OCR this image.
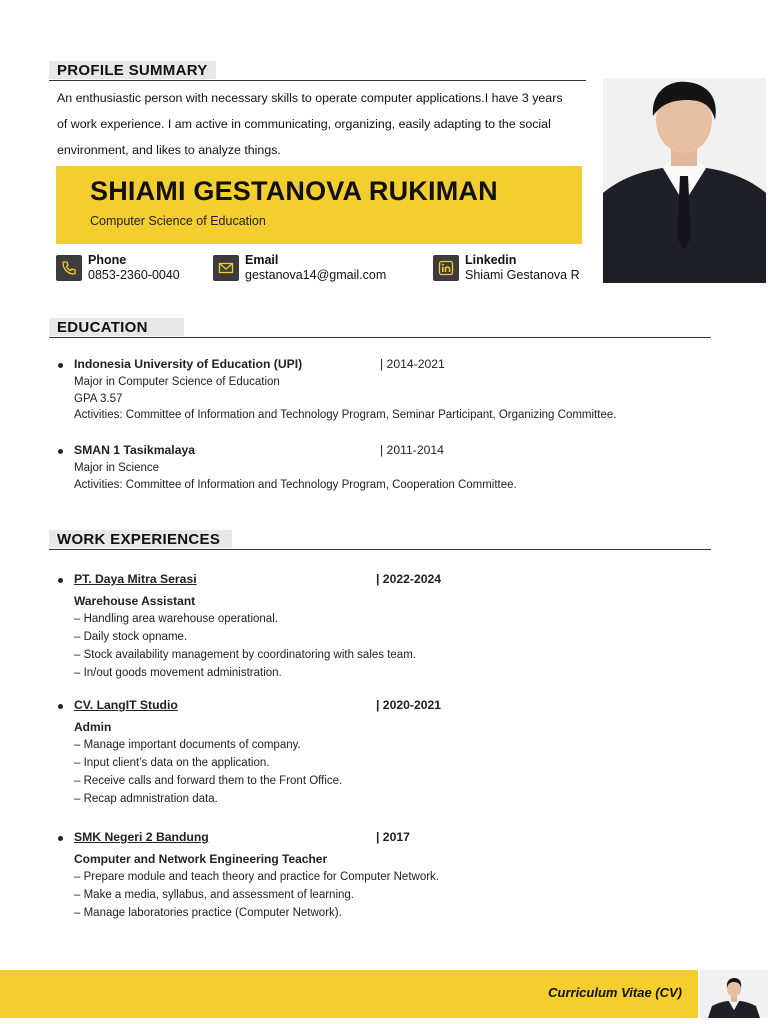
PROFILE SUMMARY
An enthusiastic person with necessary skills to operate computer applications.I have 3 years
of work experience. I am active in communicating, organizing, easily adapting to the social
environment, and likes to analyze things.
SHIAMI GESTANOVA RUKIMAN
Computer Science of Education
Phone
0853-2360-0040
Email
gestanova14@gmail.com
Linkedin
Shiami Gestanova R
EDUCATION
Indonesia University of Education (UPI)	| 2014-2021
Major in Computer Science of Education
GPA 3.57
Activities: Committee of Information and Technology Program, Seminar Participant, Organizing Committee.
SMAN 1 Tasikmalaya	| 2011-2014
Major in Science
Activities: Committee of Information and Technology Program, Cooperation Committee.
WORK EXPERIENCES
PT. Daya Mitra Serasi	| 2022-2024
Warehouse Assistant
– Handling area warehouse operational.
– Daily stock opname.
– Stock availability management by coordinatoring with sales team.
– In/out goods movement administration.
CV. LangIT Studio	| 2020-2021
Admin
– Manage important documents of company.
– Input client’s data on the application.
– Receive calls and forward them to the Front Office.
– Recap admnistration data.
SMK Negeri 2 Bandung	| 2017
Computer and Network Engineering Teacher
– Prepare module and teach theory and practice for Computer Network.
– Make a media, syllabus, and assessment of learning.
– Manage laboratories practice (Computer Network).
Curriculum Vitae (CV)
